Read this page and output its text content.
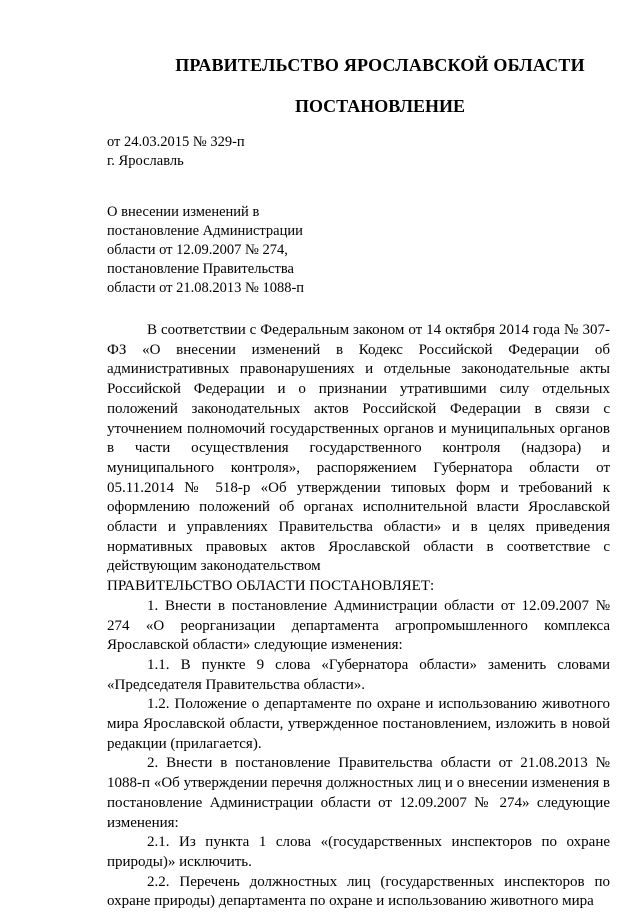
ПРАВИТЕЛЬСТВО ЯРОСЛАВСКОЙ ОБЛАСТИ
ПОСТАНОВЛЕНИЕ
от 24.03.2015 № 329-п
г. Ярославль
О внесении изменений в
постановление Администрации
области от 12.09.2007 № 274,
постановление Правительства
области от 21.08.2013 № 1088-п

В соответствии с Федеральным законом от 14 октября 2014 года № 307-ФЗ «О внесении изменений в Кодекс Российской Федерации об административных правонарушениях и отдельные законодательные акты Российской Федерации и о признании утратившими силу отдельных положений законодательных актов Российской Федерации в связи с уточнением полномочий государственных органов и муниципальных органов в части осуществления государственного контроля (надзора) и муниципального контроля», распоряжением Губернатора области от 05.11.2014 № 518-р «Об утверждении типовых форм и требований к оформлению положений об органах исполнительной власти Ярославской области и управлениях Правительства области» и в целях приведения нормативных правовых актов Ярославской области в соответствие с действующим законодательством

ПРАВИТЕЛЬСТВО ОБЛАСТИ ПОСТАНОВЛЯЕТ:

1. Внести в постановление Администрации области от 12.09.2007 № 274 «О реорганизации департамента агропромышленного комплекса Ярославской области» следующие изменения:

1.1. В пункте 9 слова «Губернатора области» заменить словами «Председателя Правительства области».

1.2. Положение о департаменте по охране и использованию животного мира Ярославской области, утвержденное постановлением, изложить в новой редакции (прилагается).

2. Внести в постановление Правительства области от 21.08.2013 № 1088-п «Об утверждении перечня должностных лиц и о внесении изменения в постановление Администрации области от 12.09.2007 № 274» следующие изменения:

2.1. Из пункта 1 слова «(государственных инспекторов по охране природы)» исключить.

2.2. Перечень должностных лиц (государственных инспекторов по охране природы) департамента по охране и использованию животного мира
